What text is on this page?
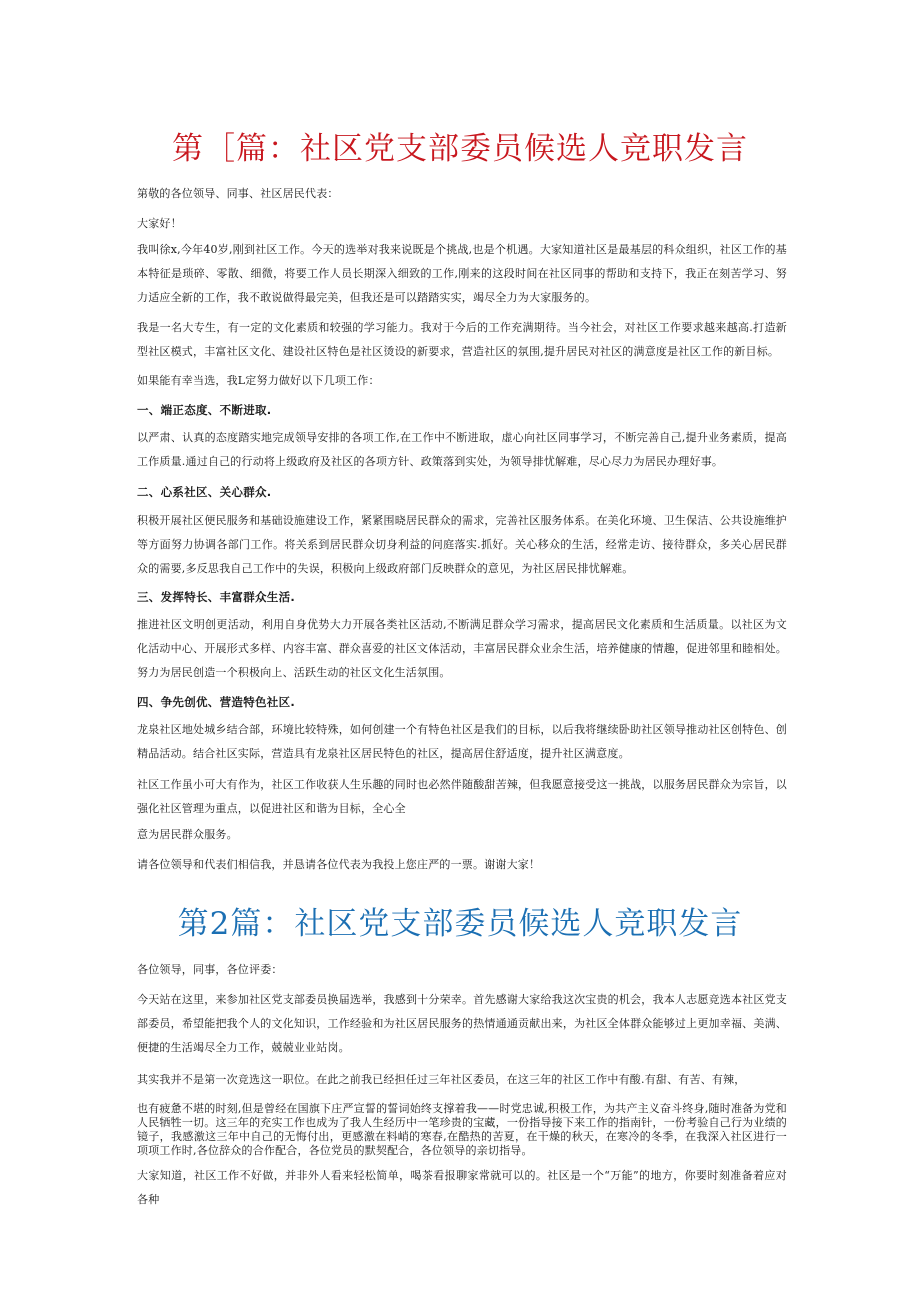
第［篇：社区党支部委员候选人竞职发言
第敬的各位领导、同事、社区居民代表：
大家好！
我叫徐x,今年40岁,刚到社区工作。今天的选举对我来说既是个挑战,也是个机遇。大家知道社区是最基层的科众组织，社区工作的基本特征是琐碎、零散、细微，将要工作人员长期深入细致的工作,刚来的这段时间在社区同事的帮助和支持下，我正在刻苦学习、努力适应全新的工作，我不敢说做得最完美，但我还是可以踏踏实实，竭尽全力为大家服务的。
我是一名大专生，有一定的文化素质和较强的学习能力。我对于今后的工作充满期待。当今社会，对社区工作要求越来越高.打造新型社区模式，丰富社区文化、建设社区特色是社区烫设的新要求，营造社区的氛围,提升居民对社区的满意度是社区工作的新目标。
如果能有幸当选，我L定努力做好以下几项工作：
一、端正态度、不断进取.
以严肃、认真的态度踏实地完成领导安排的各项工作,在工作中不断进取，虚心向社区同事学习，不断完善自己,提升业务素质，提高工作质量.通过自己的行动将上级政府及社区的各项方针、政策落到实处，为领导排忧解难，尽心尽力为居民办理好事。
二、心系社区、关心群众.
积极开展社区便民服务和基础设施建设工作，紧紧围晓居民群众的需求，完善社区服务体系。在美化环境、卫生保洁、公共设施维护等方面努力协调各部门工作。将关系到居民群众切身利益的问庭落实.抓好。关心移众的生活，经常走访、接待群众，多关心居民群众的需要,多反思我自己工作中的失误，积极向上级政府部门反映群众的意见，为社区居民排忧解难。
三、发挥特长、丰富群众生活.
推进社区文明创更活动，利用自身优势大力开展各类社区活动,不断满足群众学习需求，提高居民文化素质和生活质量。以社区为文化活动中心、开展形式多样、内容丰富、群众喜爱的社区文体活动，丰富居民群众业余生活，培养健康的情趣，促进邻里和睦相处。努力为居民创造一个积极向上、活跃生动的社区文化生活氛围。
四、争先创优、营造特色社区.
龙泉社区地处城乡结合部，环境比较特殊，如何创建一个有特色社区是我们的目标，以后我将继续卧助社区领导推动社区创特色、创精品活动。结合社区实际，营造具有龙泉社区居民特色的社区，提高居住舒适度，提升社区满意度。
社区工作虽小可大有作为，社区工作收获人生乐趣的同时也必然伴随酸甜苦辣，但我愿意接受这一挑战，以服务居民群众为宗旨，以强化社区管理为重点，以促进社区和谐为目标，全心全
意为居民群众服务。
请各位领导和代表们相信我，并恳请各位代表为我投上您庄严的一票。谢谢大家！
第2篇：社区党支部委员候选人竞职发言
各位领导，同事，各位评委：
今天站在这里，来参加社区党支部委员换届选举，我感到十分荣幸。首先感谢大家给我这次宝贵的机会，我本人志愿竞选本社区党支部委员，希望能把我个人的文化知识，工作经验和为社区居民服务的热情通通贡献出来，为社区全体群众能够过上更加幸福、美满、便捷的生活竭尽全力工作，兢兢业业站岗。
其实我并不是第一次竞选这一职位。在此之前我已经担任过三年社区委员，在这三年的社区工作中有酸.有甜、有苦、有辣，
也有疲惫不堪的时刻,但是曾经在国旗下庄严宣誓的誓词始终支撑着我——时党忠诚,积极工作，为共产主义奋斗终身,随时准备为党和人民牺牲一切。这三年的充实工作也成为了我人生经历中一笔珍贵的宝藏，一份指导接下来工作的指南针，一份考验自己行为业绩的镜子，我感激这三年中自己的无悔付出，更感激在料峭的寒春,在酷热的苦夏，在干燥的秋天，在寒冷的冬季，在我深入社区进行一项项工作时,各位辞众的合作配合，各位党员的默契配合，各位领导的亲切指导。
大家知道，社区工作不好做，并非外人看来轻松简单，喝茶看报聊家常就可以的。社区是一个“万能”的地方，你要时刻准备着应对各种
